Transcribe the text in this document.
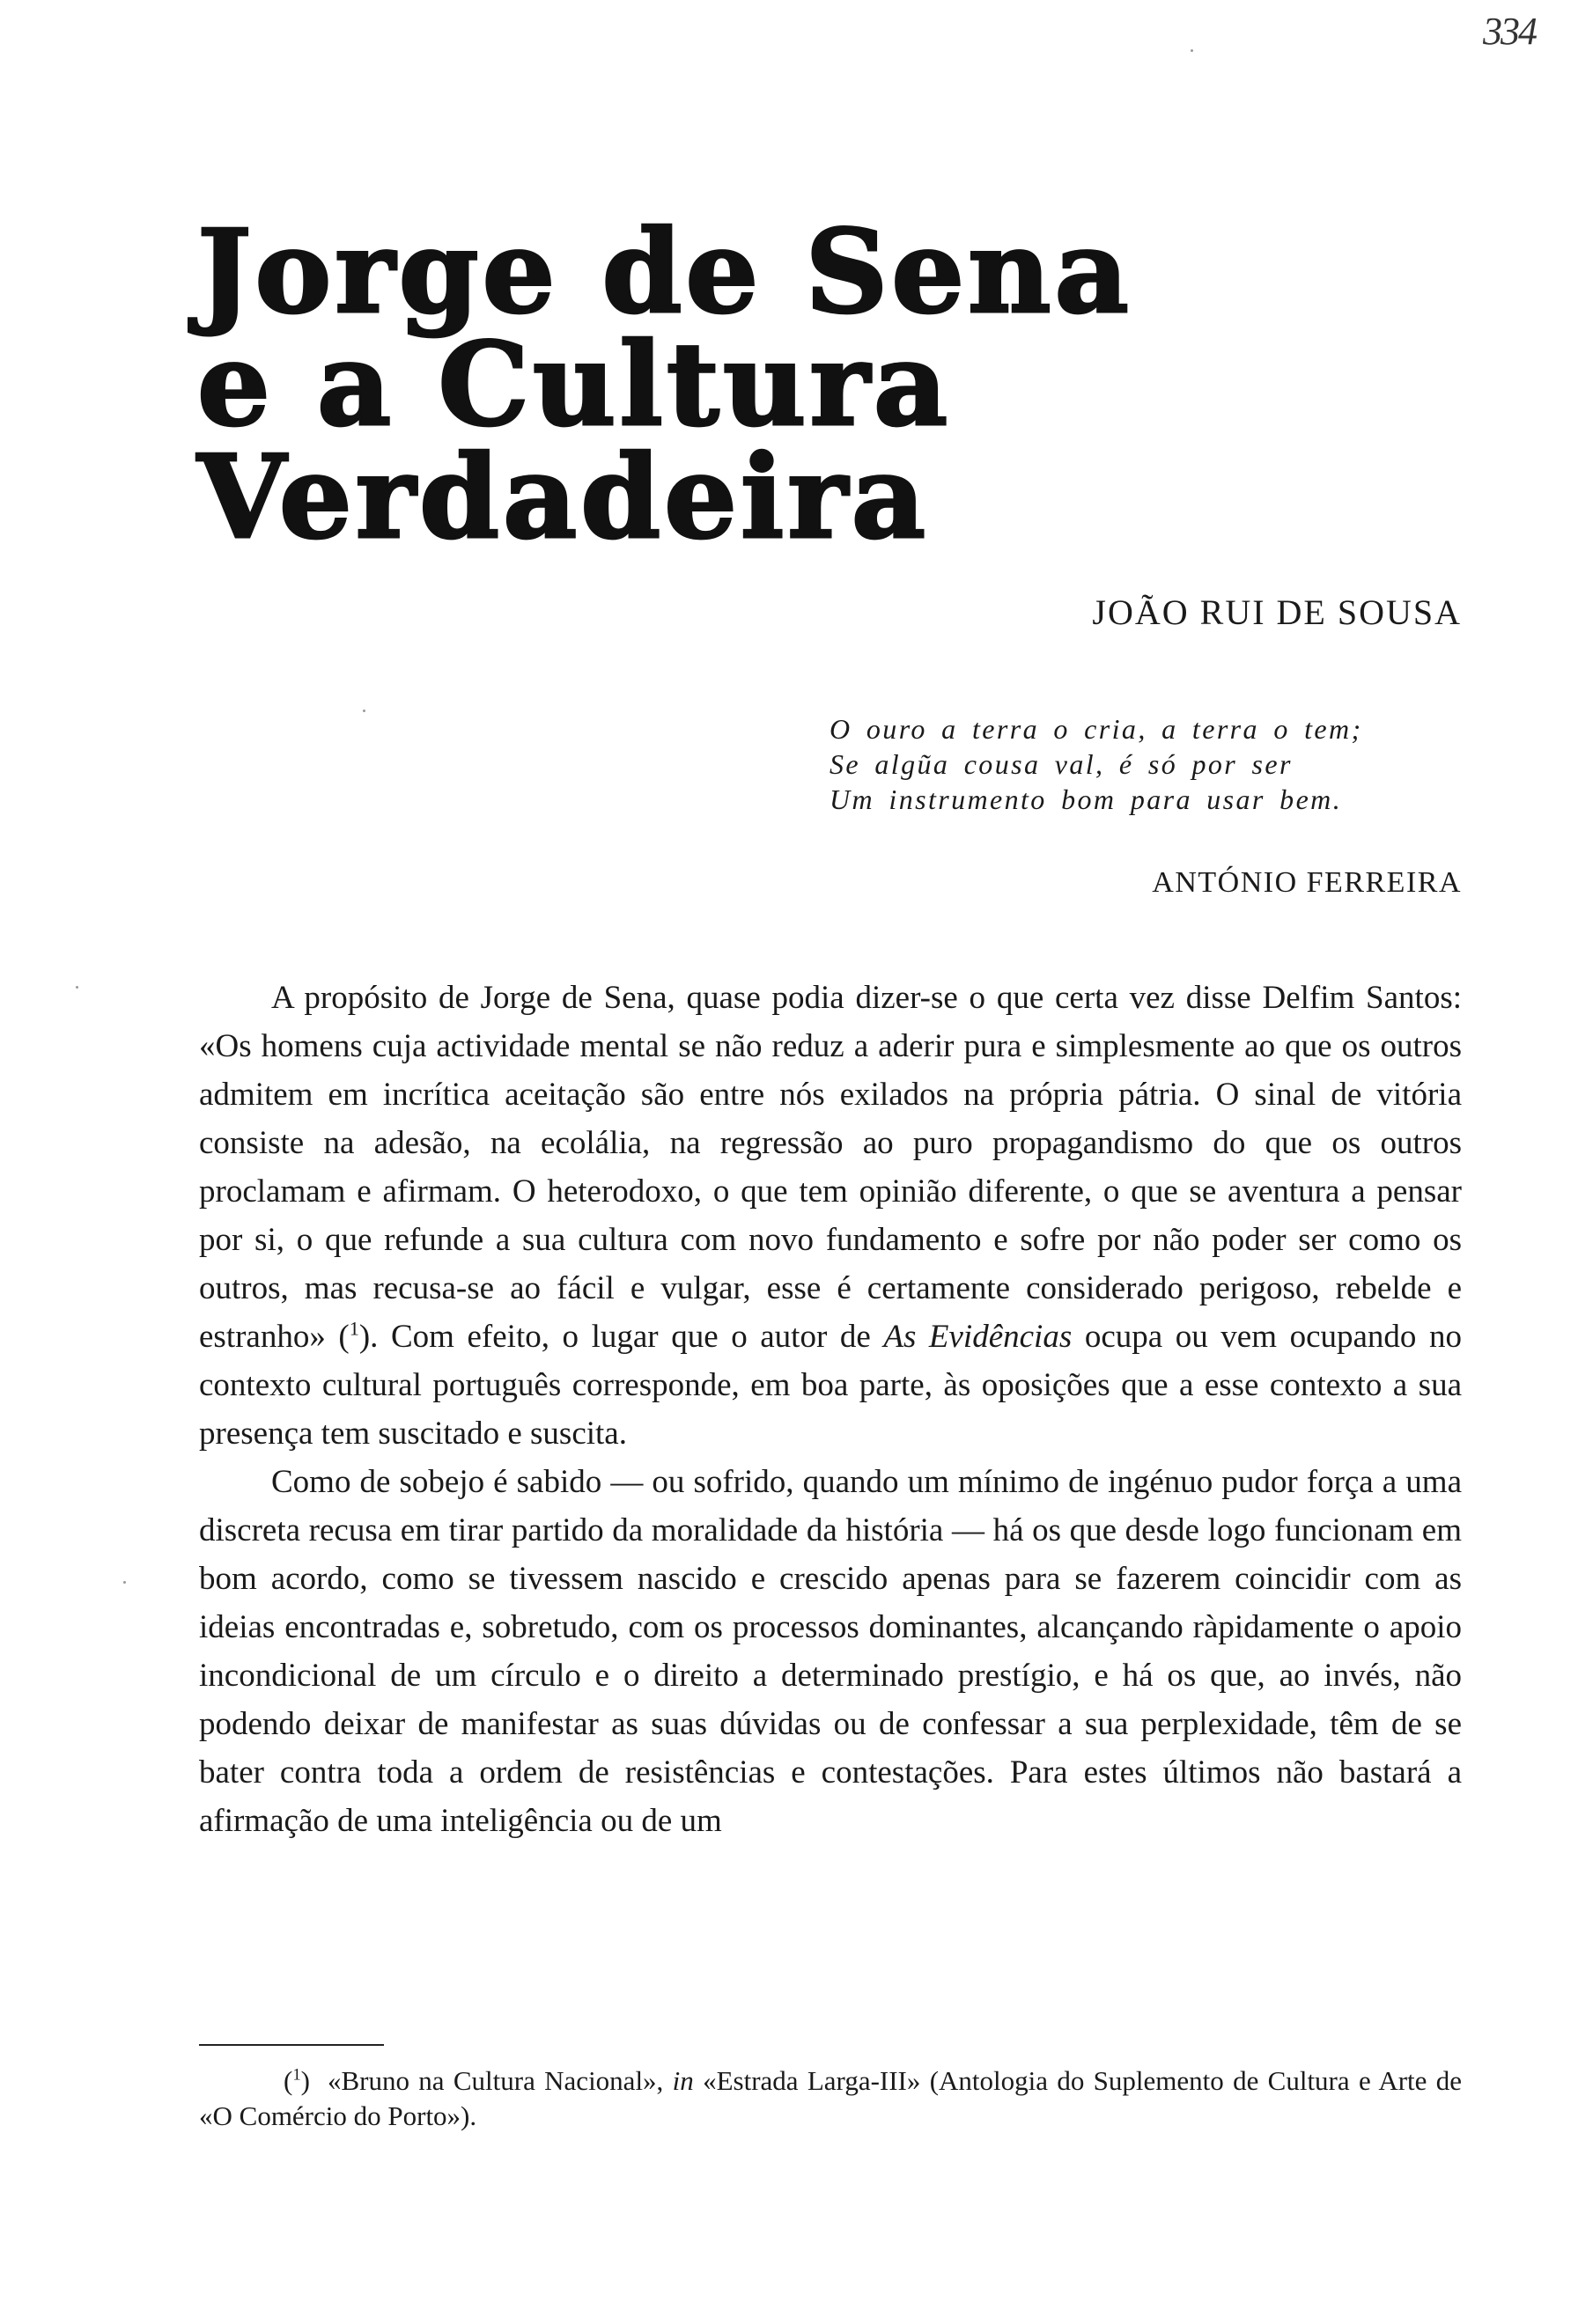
334
Jorge de Sena
e a Cultura
Verdadeira
JOÃO RUI DE SOUSA
O ouro a terra o cria, a terra o tem;
Se algũa cousa val, é só por ser
Um instrumento bom para usar bem.
ANTÓNIO FERREIRA

A propósito de Jorge de Sena, quase podia dizer-se o que certa vez disse Delfim Santos: «Os homens cuja actividade mental se não reduz a aderir pura e simplesmente ao que os outros admitem em incrítica aceitação são entre nós exilados na própria pátria. O sinal de vitória consiste na adesão, na ecolália, na regressão ao puro propagandismo do que os outros proclamam e afirmam. O heterodoxo, o que tem opinião diferente, o que se aventura a pensar por si, o que refunde a sua cultura com novo fundamento e sofre por não poder ser como os outros, mas recusa-se ao fácil e vulgar, esse é certamente considerado perigoso, rebelde e estranho» ($^1$). Com efeito, o lugar que o autor de As Evidências ocupa ou vem ocupando no contexto cultural português corresponde, em boa parte, às oposições que a esse contexto a sua presença tem suscitado e suscita.

Como de sobejo é sabido — ou sofrido, quando um mínimo de ingénuo pudor força a uma discreta recusa em tirar partido da moralidade da história — há os que desde logo funcionam em bom acordo, como se tivessem nascido e crescido apenas para se fazerem coincidir com as ideias encontradas e, sobretudo, com os processos dominantes, alcançando ràpidamente o apoio incondicional de um círculo e o direito a determinado prestígio, e há os que, ao invés, não podendo deixar de manifestar as suas dúvidas ou de confessar a sua perplexidade, têm de se bater contra toda a ordem de resistências e contestações. Para estes últimos não bastará a afirmação de uma inteligência ou de um

($^1$) «Bruno na Cultura Nacional», in «Estrada Larga-III» (Antologia do Suplemento de Cultura e Arte de «O Comércio do Porto»).
